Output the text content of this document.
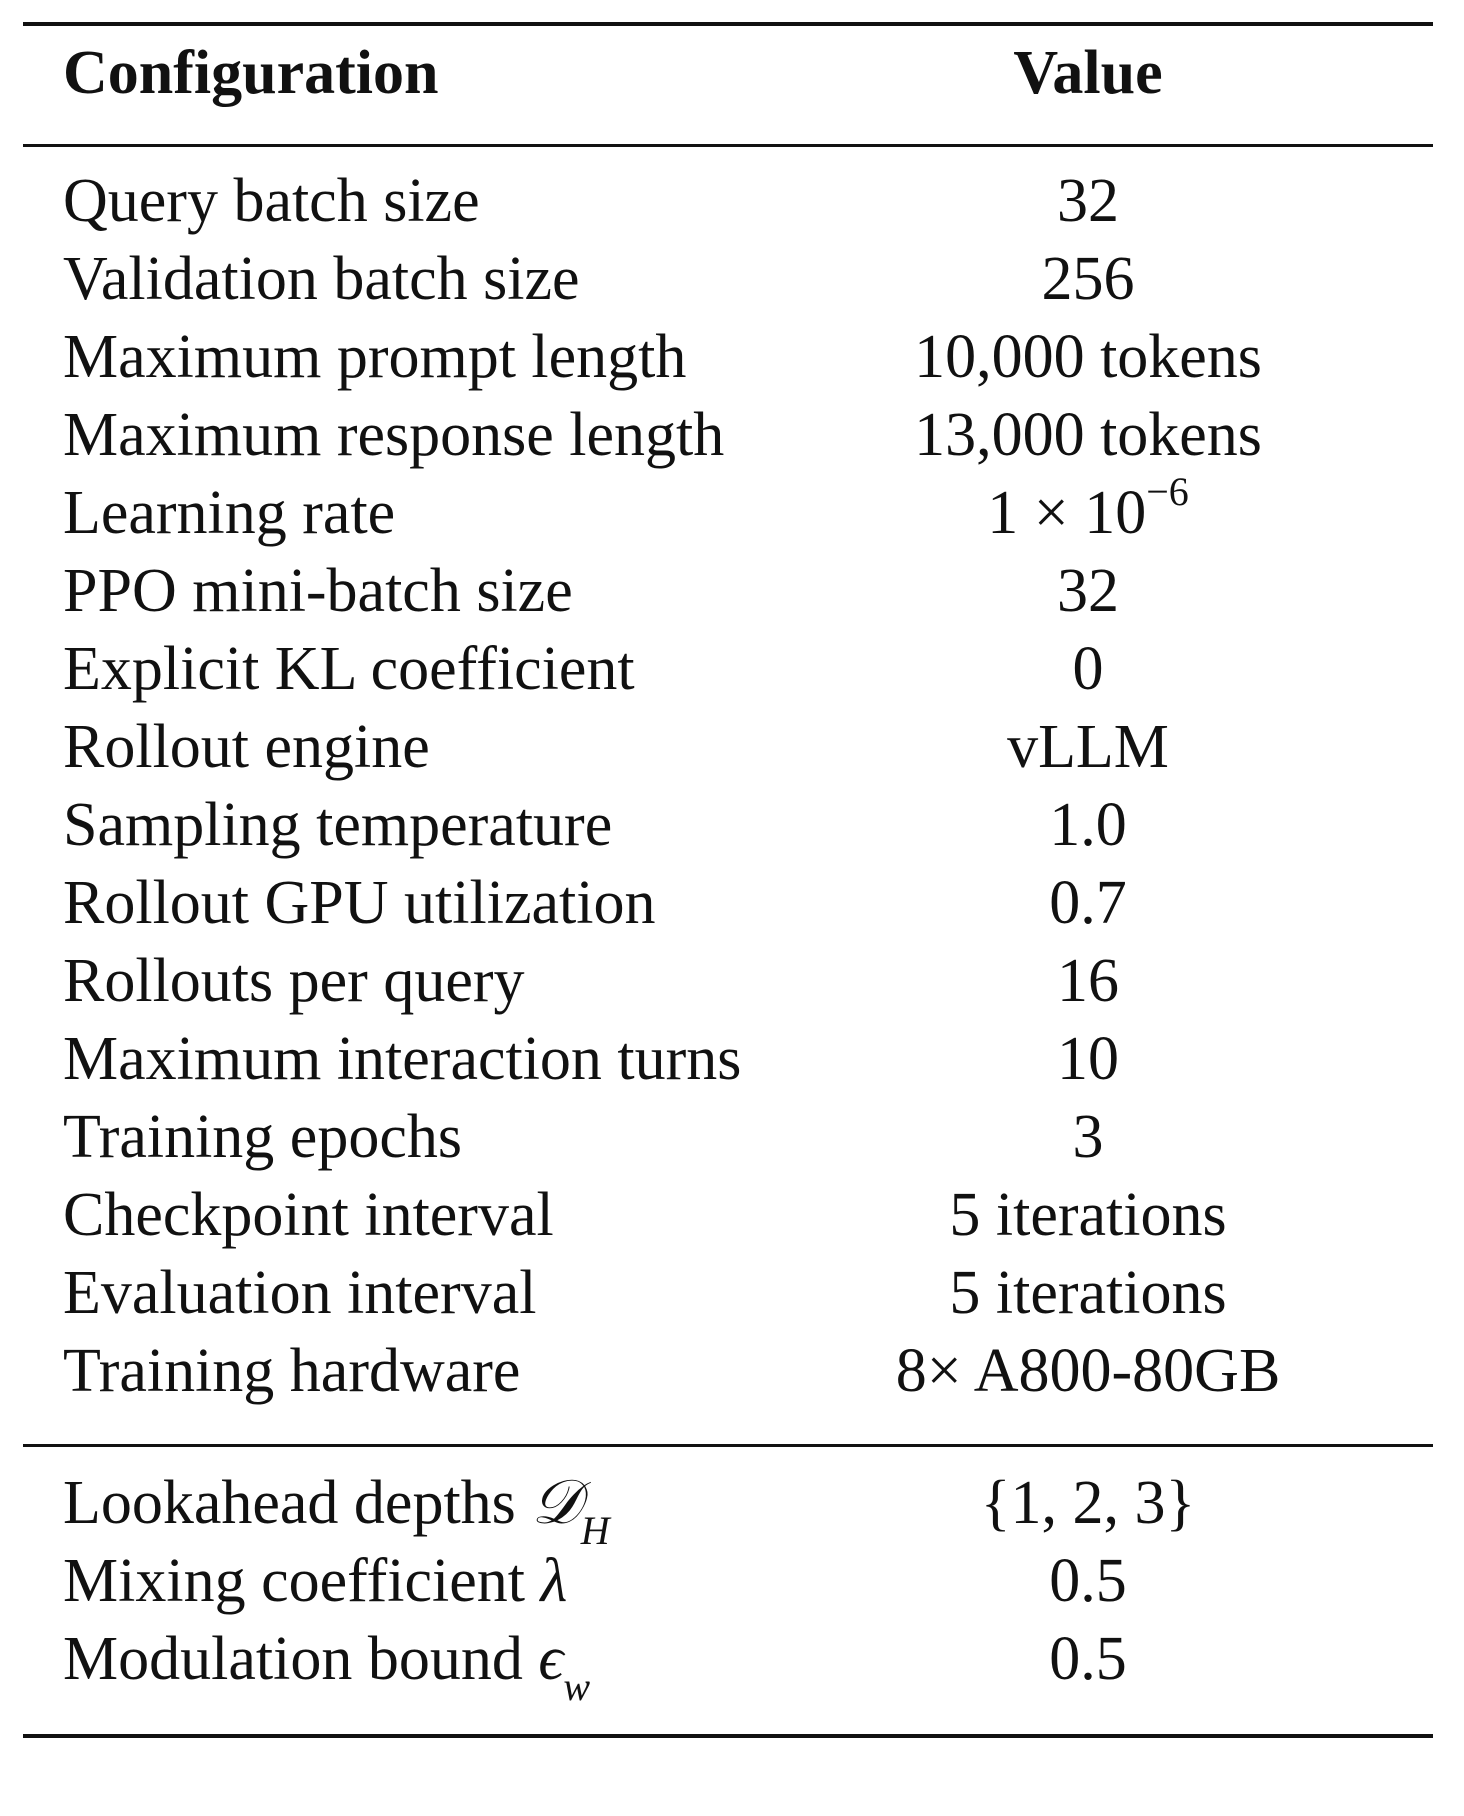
Configuration	Value
Query batch size	32
Validation batch size	256
Maximum prompt length	10,000 tokens
Maximum response length	13,000 tokens
Learning rate	$1 \times 10^{-6}$
PPO mini-batch size	32
Explicit KL coefficient	0
Rollout engine	vLLM
Sampling temperature	1.0
Rollout GPU utilization	0.7
Rollouts per query	16
Maximum interaction turns	10
Training epochs	3
Checkpoint interval	5 iterations
Evaluation interval	5 iterations
Training hardware	8× A800-80GB
Lookahead depths 𝒟$_H$	{1, 2, 3}
Mixing coefficient λ	0.5
Modulation bound $\epsilon_w$	0.5
